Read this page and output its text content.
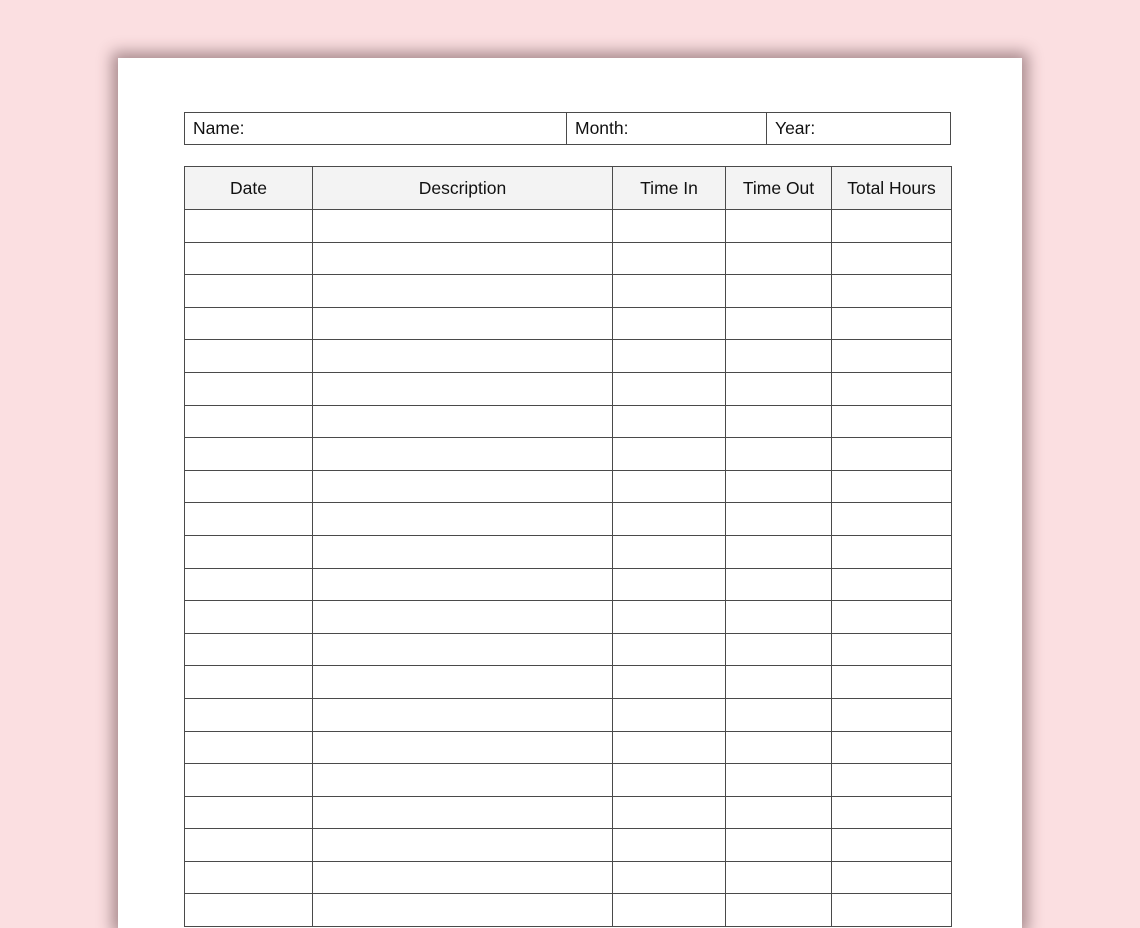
Name:	Month:	Year:
Date	Description	Time In	Time Out	Total Hours
